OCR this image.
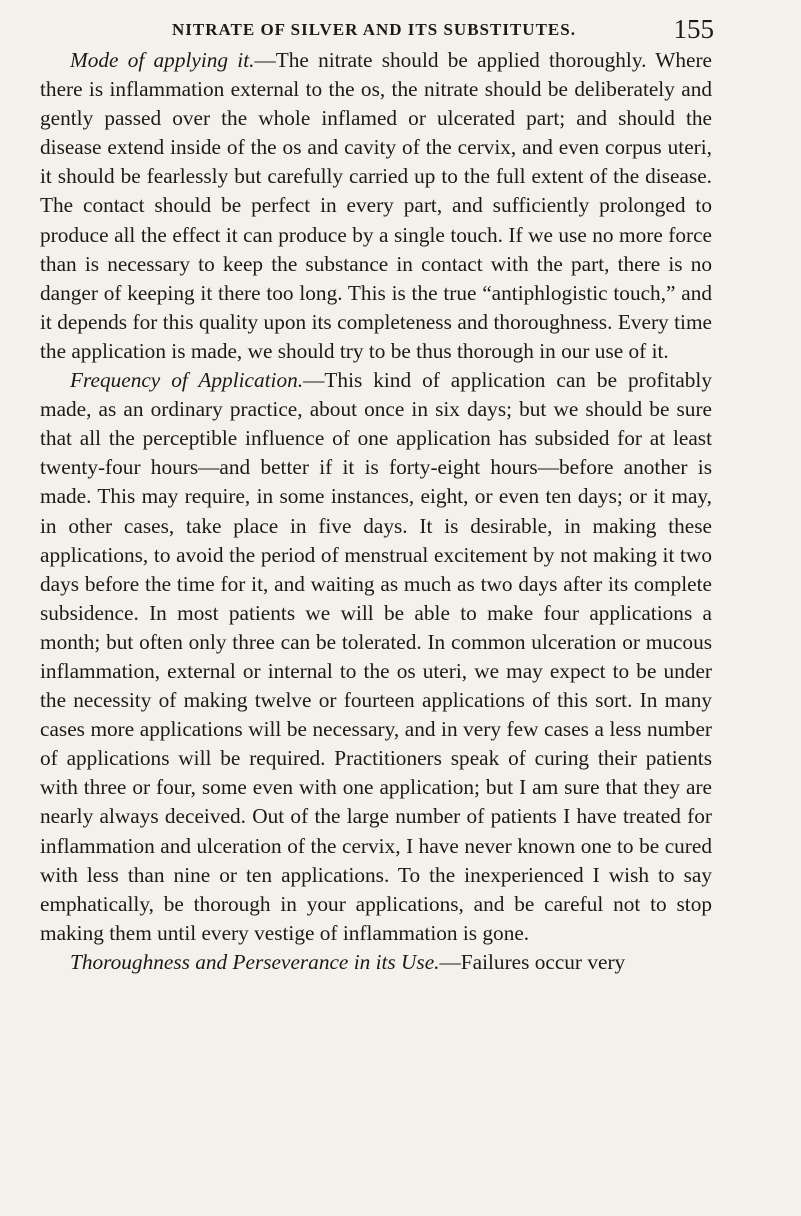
NITRATE OF SILVER AND ITS SUBSTITUTES.	155

Mode of applying it.—The nitrate should be applied thoroughly. Where there is inflammation external to the os, the nitrate should be deliberately and gently passed over the whole inflamed or ulcerated part; and should the disease extend inside of the os and cavity of the cervix, and even corpus uteri, it should be fearlessly but carefully carried up to the full extent of the disease. The contact should be perfect in every part, and sufficiently prolonged to produce all the effect it can produce by a single touch. If we use no more force than is necessary to keep the substance in contact with the part, there is no danger of keeping it there too long. This is the true “antiphlogistic touch,” and it depends for this quality upon its completeness and thoroughness. Every time the application is made, we should try to be thus thorough in our use of it.

Frequency of Application.—This kind of application can be profitably made, as an ordinary practice, about once in six days; but we should be sure that all the perceptible influence of one application has subsided for at least twenty-four hours—and better if it is forty-eight hours—before another is made. This may require, in some instances, eight, or even ten days; or it may, in other cases, take place in five days. It is desirable, in making these applications, to avoid the period of menstrual excitement by not making it two days before the time for it, and waiting as much as two days after its complete subsidence. In most patients we will be able to make four applications a month; but often only three can be tolerated. In common ulceration or mucous inflammation, external or internal to the os uteri, we may expect to be under the necessity of making twelve or fourteen applications of this sort. In many cases more applications will be necessary, and in very few cases a less number of applications will be required. Practitioners speak of curing their patients with three or four, some even with one application; but I am sure that they are nearly always deceived. Out of the large number of patients I have treated for inflammation and ulceration of the cervix, I have never known one to be cured with less than nine or ten applications. To the inexperienced I wish to say emphatically, be thorough in your applications, and be careful not to stop making them until every vestige of inflammation is gone.

Thoroughness and Perseverance in its Use.—Failures occur very
